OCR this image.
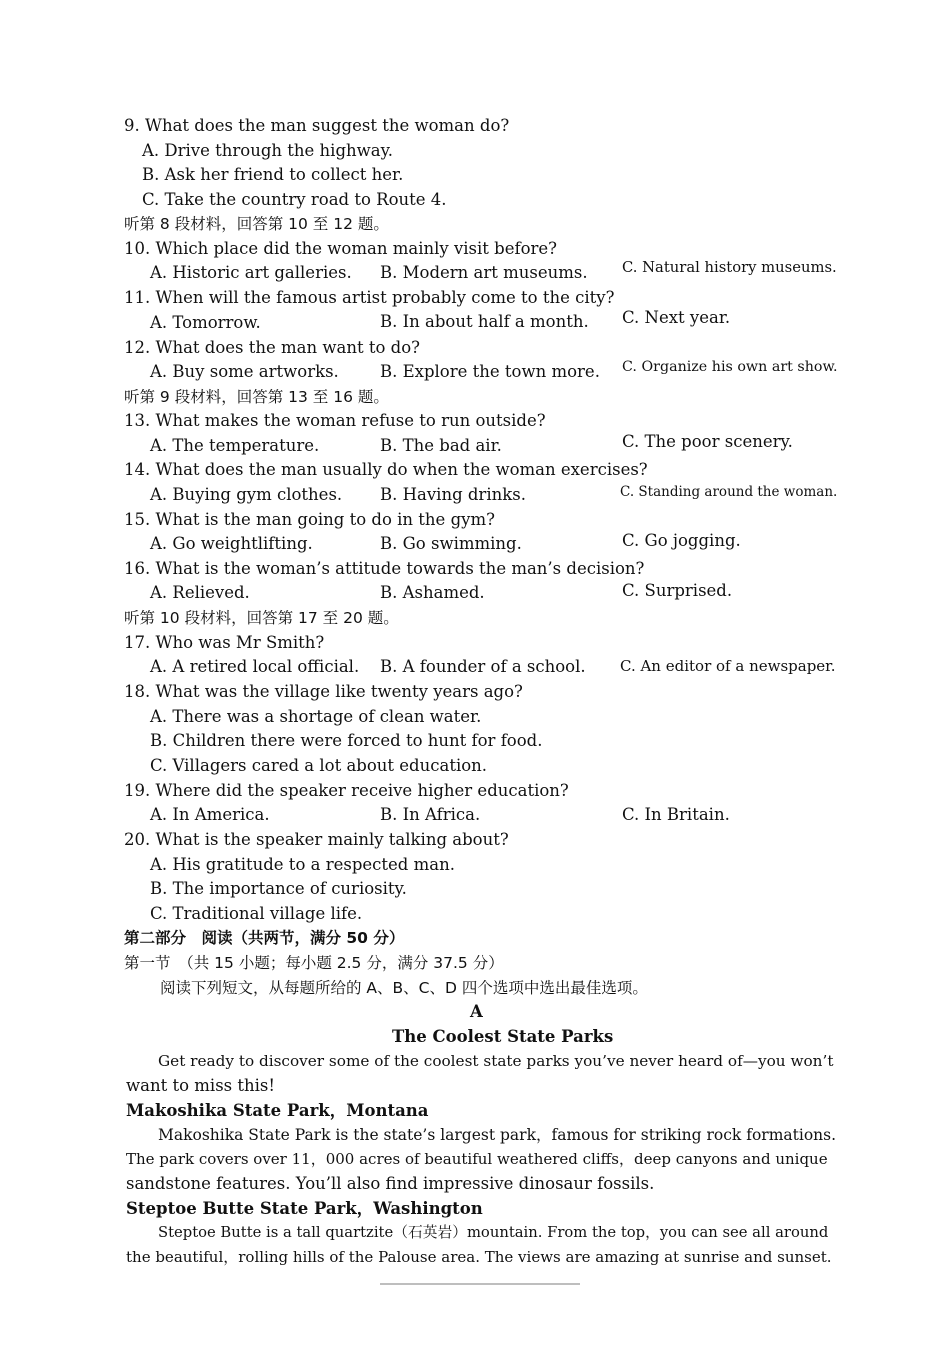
9. What does the man suggest the woman do?
A. Drive through the highway.
B. Ask her friend to collect her.
C. Take the country road to Route 4.
听第 8 段材料，回答第 10 至 12 题。
10. Which place did the woman mainly visit before?
A. Historic art galleries. B. Modern art museums. C. Natural history museums.
11. When will the famous artist probably come to the city?
A. Tomorrow.	B. In about half a month. C. Next year.
12. What does the man want to do?
A. Buy some artworks. B. Explore the town more. C. Organize his own art show.
听第 9 段材料，回答第 13 至 16 题。
13. What makes the woman refuse to run outside?
A. The temperature.	B. The bad air.	C. The poor scenery.
14. What does the man usually do when the woman exercises?
A. Buying gym clothes. B. Having drinks.	C. Standing around the woman.
15. What is the man going to do in the gym?
A. Go weightlifting.	B. Go swimming.	C. Go jogging.
16. What is the woman’s attitude towards the man’s decision?
A. Relieved.	B. Ashamed.	C. Surprised.
听第 10 段材料，回答第 17 至 20 题。
17. Who was Mr Smith?
A. A retired local official. B. A founder of a school. C. An editor of a newspaper.
18. What was the village like twenty years ago?
A. There was a shortage of clean water.
B. Children there were forced to hunt for food.
C. Villagers cared a lot about education.
19. Where did the speaker receive higher education?
A. In America.	B. In Africa.	C. In Britain.
20. What is the speaker mainly talking about?
A. His gratitude to a respected man.
B. The importance of curiosity.
C. Traditional village life.
第二部分　阅读（共两节，满分 50 分）
第一节　（共 15 小题；每小题 2.5 分，满分 37.5 分）
阅读下列短文，从每题所给的 A、B、C、D 四个选项中选出最佳选项。
A
The Coolest State Parks
Get ready to discover some of the coolest state parks you’ve never heard of—you won’t
want to miss this!
Makoshika State Park，Montana
Makoshika State Park is the state’s largest park，famous for striking rock formations.
The park covers over 11，000 acres of beautiful weathered cliffs，deep canyons and unique
sandstone features. You’ll also find impressive dinosaur fossils.
Steptoe Butte State Park，Washington
Steptoe Butte is a tall quartzite（石英岩）mountain. From the top，you can see all around
the beautiful，rolling hills of the Palouse area. The views are amazing at sunrise and sunset.
